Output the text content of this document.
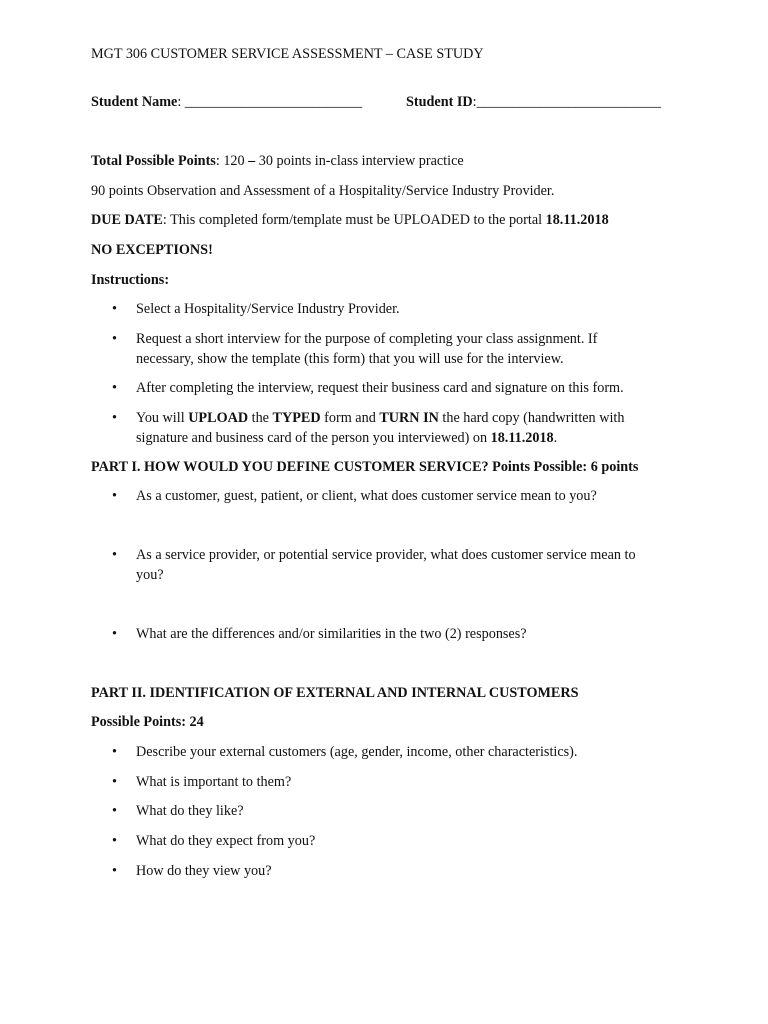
MGT 306 CUSTOMER SERVICE ASSESSMENT – CASE STUDY

Student Name: _________________________	Student ID:__________________________

Total Possible Points: 120 – 30 points in-class interview practice

90 points Observation and Assessment of a Hospitality/Service Industry Provider.

DUE DATE: This completed form/template must be UPLOADED to the portal 18.11.2018

NO EXCEPTIONS!

Instructions:

• Select a Hospitality/Service Industry Provider.
• Request a short interview for the purpose of completing your class assignment. If
necessary, show the template (this form) that you will use for the interview.
• After completing the interview, request their business card and signature on this form.
• You will UPLOAD the TYPED form and TURN IN the hard copy (handwritten with
signature and business card of the person you interviewed) on 18.11.2018.

PART I. HOW WOULD YOU DEFINE CUSTOMER SERVICE? Points Possible: 6 points

• As a customer, guest, patient, or client, what does customer service mean to you?
• As a service provider, or potential service provider, what does customer service mean to
you?
• What are the differences and/or similarities in the two (2) responses?

PART II. IDENTIFICATION OF EXTERNAL AND INTERNAL CUSTOMERS

Possible Points: 24

• Describe your external customers (age, gender, income, other characteristics).
• What is important to them?
• What do they like?
• What do they expect from you?
• How do they view you?
